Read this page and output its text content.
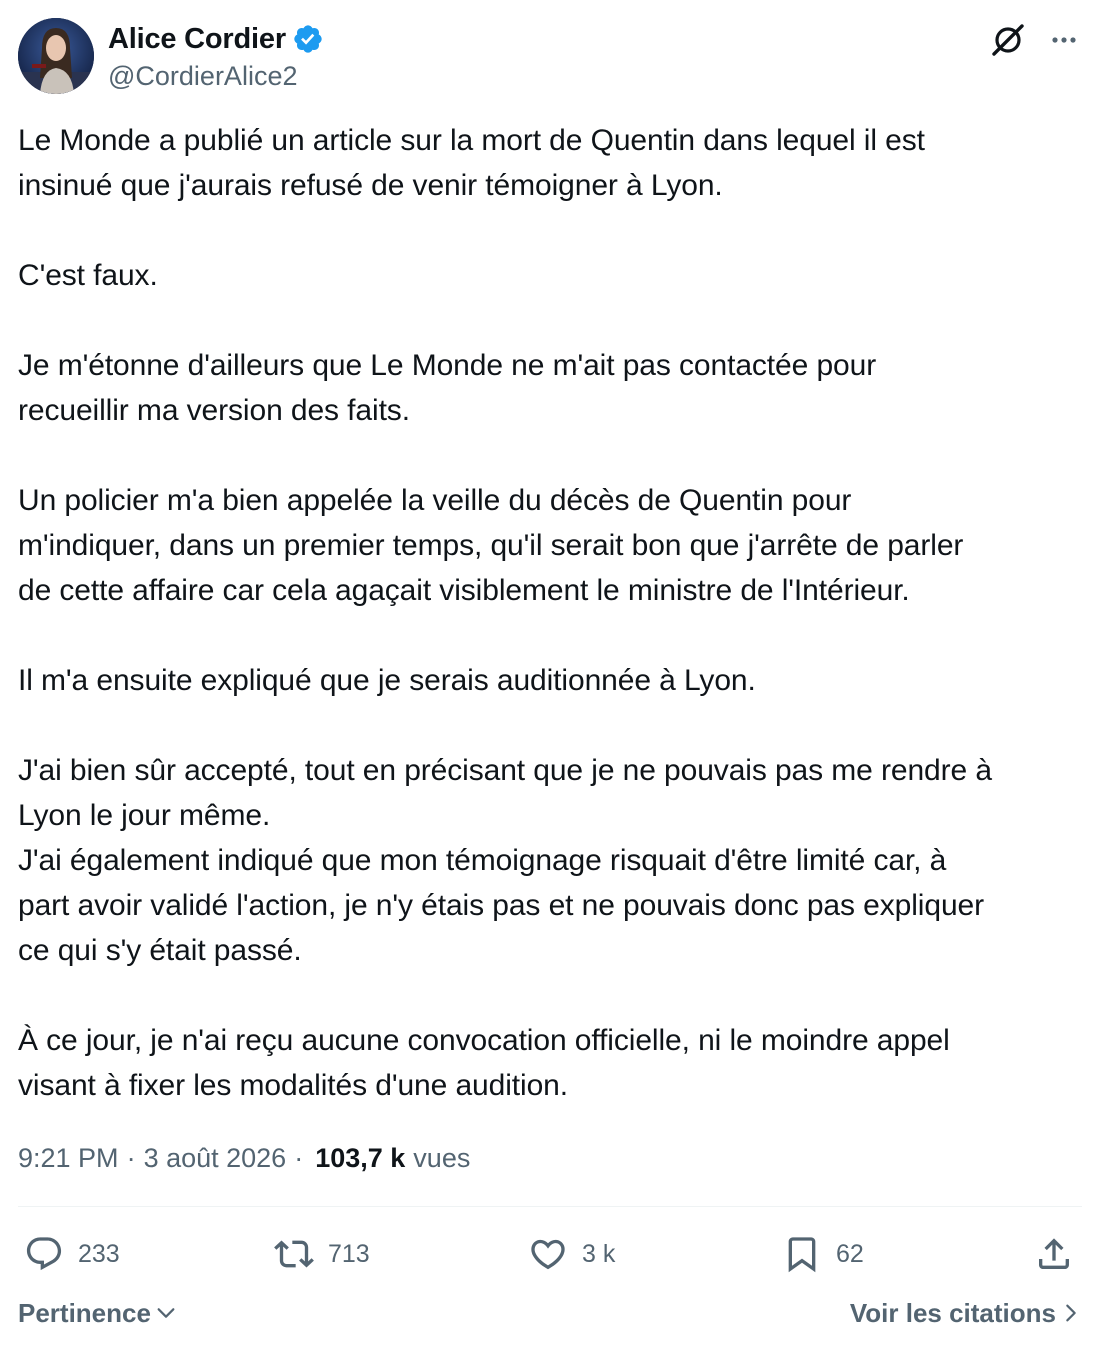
Alice Cordier
@CordierAlice2
Le Monde a publié un article sur la mort de Quentin dans lequel il est
insinué que j'aurais refusé de venir témoigner à Lyon.
C'est faux.
Je m'étonne d'ailleurs que Le Monde ne m'ait pas contactée pour
recueillir ma version des faits.
Un policier m'a bien appelée la veille du décès de Quentin pour
m'indiquer, dans un premier temps, qu'il serait bon que j'arrête de parler
de cette affaire car cela agaçait visiblement le ministre de l'Intérieur.
Il m'a ensuite expliqué que je serais auditionnée à Lyon.
J'ai bien sûr accepté, tout en précisant que je ne pouvais pas me rendre à
Lyon le jour même.
J'ai également indiqué que mon témoignage risquait d'être limité car, à
part avoir validé l'action, je n'y étais pas et ne pouvais donc pas expliquer
ce qui s'y était passé.
À ce jour, je n'ai reçu aucune convocation officielle, ni le moindre appel
visant à fixer les modalités d'une audition.
9:21 PM · 3 août 2026 · 103,7 k vues
233	713	3 k	62
Pertinence	Voir les citations
